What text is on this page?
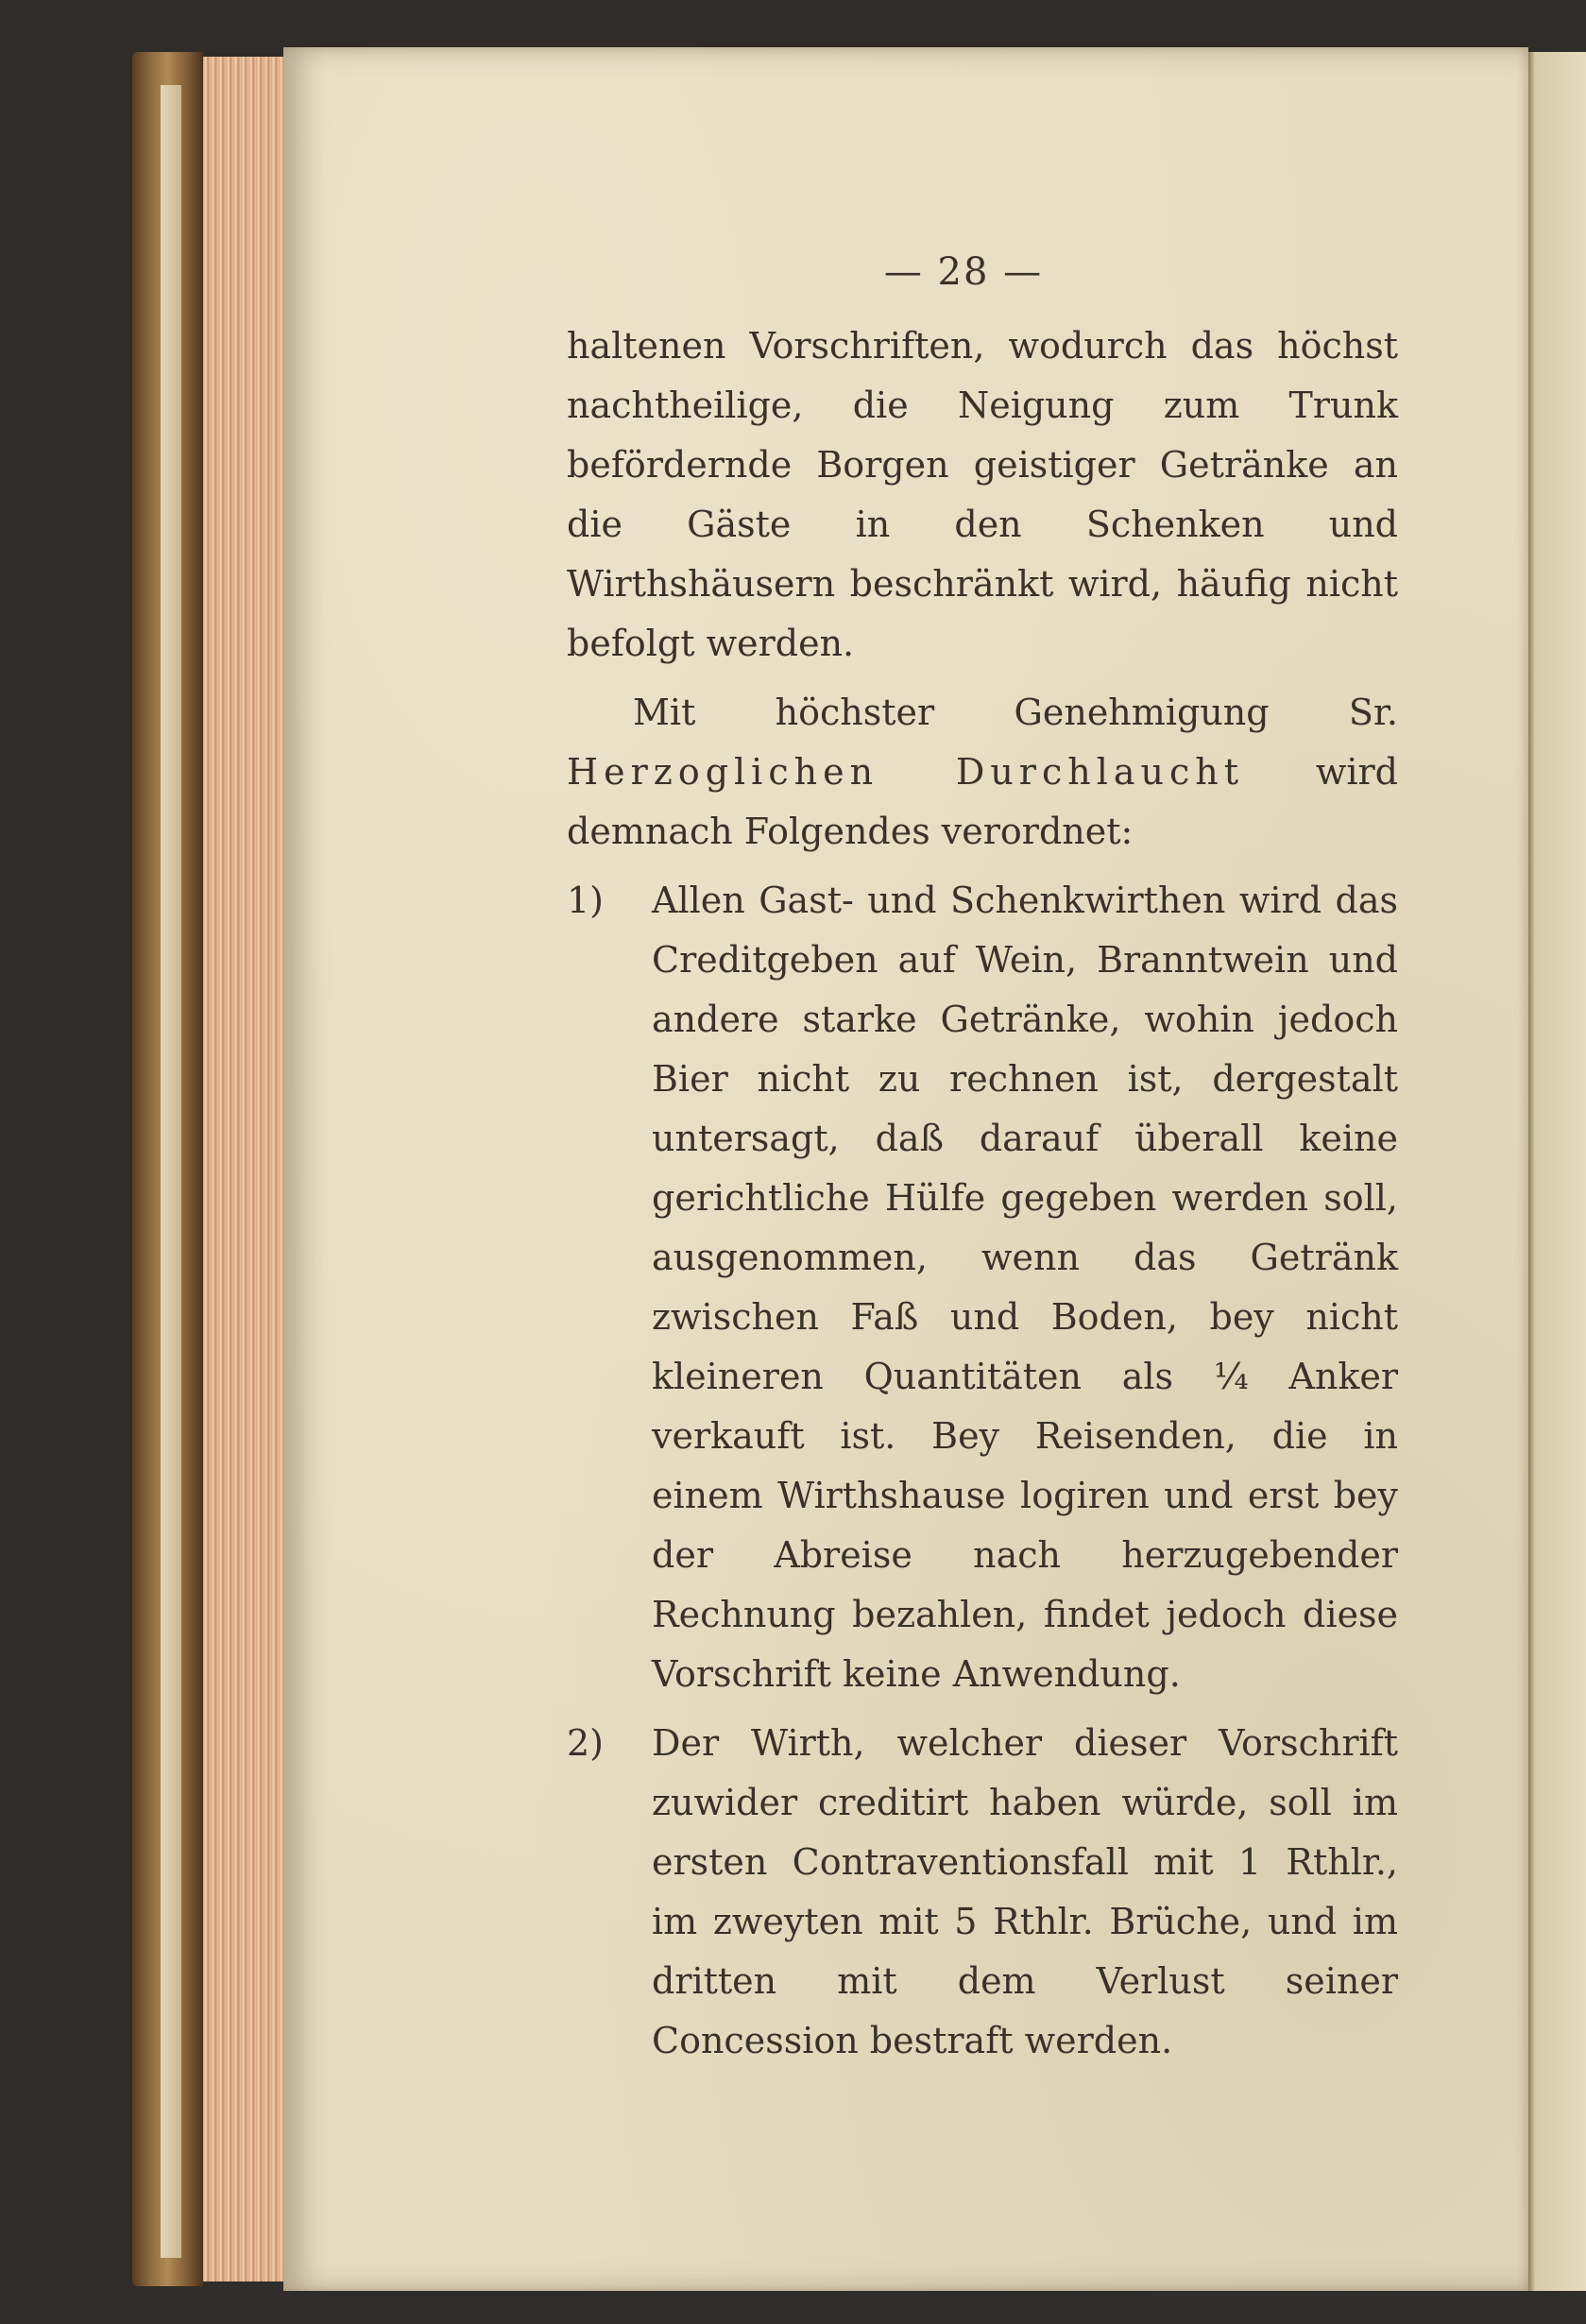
— 28 —
haltenen Vorschriften, wodurch das höchst nachtheilige, die Neigung zum Trunk befördernde Borgen geistiger Getränke an die Gäste in den Schenken und Wirthshäusern beschränkt wird, häufig nicht befolgt werden.
Mit höchster Genehmigung Sr. Herzoglichen Durchlaucht wird demnach Folgendes verordnet:
1)	Allen Gast- und Schenkwirthen wird das Creditgeben auf Wein, Branntwein und andere starke Getränke, wohin jedoch Bier nicht zu rechnen ist, dergestalt untersagt, daß darauf überall keine gerichtliche Hülfe gegeben werden soll, ausgenommen, wenn das Getränk zwischen Faß und Boden, bey nicht kleineren Quantitäten als ¼ Anker verkauft ist. Bey Reisenden, die in einem Wirthshause logiren und erst bey der Abreise nach herzugebender Rechnung bezahlen, findet jedoch diese Vorschrift keine Anwendung.
2)	Der Wirth, welcher dieser Vorschrift zuwider creditirt haben würde, soll im ersten Contraventionsfall mit 1 Rthlr., im zweyten mit 5 Rthlr. Brüche, und im dritten mit dem Verlust seiner Concession bestraft werden.
